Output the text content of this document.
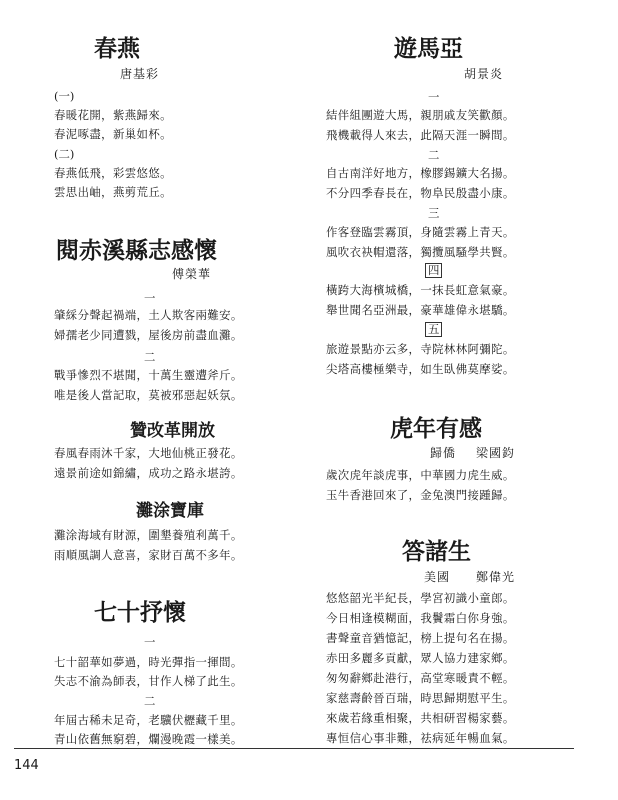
春燕
唐基彩
(一)
春暖花開，紫燕歸來。
春泥啄盡，新巢如杯。
(二)
春燕低飛，彩雲悠悠。
雲思出岫，燕剪荒丘。
閱赤溪縣志感懷
傅榮華
一
肇綵分聲起禍端，土人欺客兩難安。
婦孺老少同遭戮，屋後房前盡血灘。
二
戰爭慘烈不堪聞，十萬生靈遭斧斤。
唯是後人當記取，莫被邪惡起妖氛。
贊改革開放
春風春雨沐千家，大地仙桃正發花。
遠景前途如錦繡，成功之路永堪誇。
灘涂寶庫
灘涂海域有財源，圍墾養殖利萬千。
雨順風調人意喜，家財百萬不多年。
七十抒懷
一
七十韶華如夢過，時光彈指一揮間。
失志不渝為師表，甘作人梯了此生。
二
年屆古稀未足奇，老驥伏櫪藏千里。
青山依舊無窮碧，爛漫晚霞一樣美。
遊馬亞
胡景炎
一
結伴組團遊大馬，親朋戚友笑歡顏。
飛機載得人來去，此隔天涯一瞬間。
二
自古南洋好地方，橡膠錫鑛大名揚。
不分四季春長在，物阜民殷盡小康。
三
作客登臨雲霧頂，身隨雲霧上青天。
風吹衣袂帽還落，獨攬風騷學共賢。
四
橫跨大海檳城橋，一抹長虹意氣豪。
舉世聞名亞洲最，豪華雄偉永堪驕。
五
旅遊景點亦云多，寺院林林阿彌陀。
尖塔高樓極樂寺，如生臥佛莫摩娑。
虎年有感
歸僑 梁國鈞
歲次虎年談虎事，中華國力虎生威。
玉牛香港回來了，金兔澳門接踵歸。
答諸生
美國 鄭偉光
悠悠韶光半紀長，學宮初識小童郎。
今日相逢模糊面，我鬢霜白你身強。
書聲童音猶憶記，榜上提句名在揚。
赤田多麗多貢獻，眾人協力建家鄉。
匆匆辭鄉赴港行，高堂寒暖責不輕。
家慈壽齡晉百瑞，時思歸期慰平生。
來歲若緣重相聚，共相研習楊家藝。
專恒信心事非難，祛病延年暢血氣。
144
